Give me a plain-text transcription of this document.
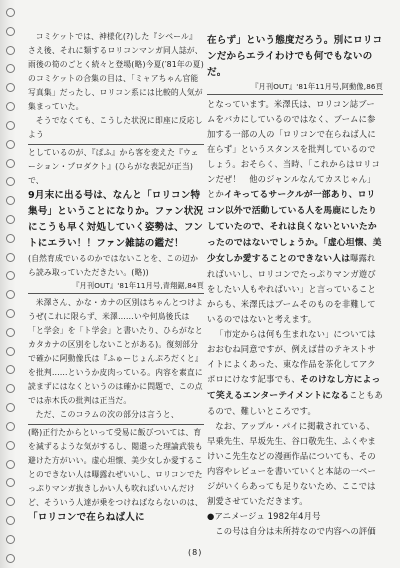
コミケットでは、神様化(?)した『シベール』さえ後、それに類するロリコンマンガ同人誌が、雨後の筍のごとく続々と登場(略)今夏(′81年の夏)のコミケットの合集の目は、「ミャアちゃん官能写真集」だったし、ロリコン系には比較的人気が集まっていた。

そうでなくても、こうした状況に即座に反応しよう

としているのが、『ぱふ』から客を変えた『ウェーション・プロダクト』(ひらがな表記が正当)で、

9月末に出る号は、なんと「ロリコン特集号」ということになりか。ファン状況にこうも早く対処していく姿勢は、フントにエラい！！ファン雑誌の鑑だ！

(自然育成でいるのかではないことを、この辺から読み取っていただきたい。(略))

『月刊OUT』'81年11月号,青翔鋸,84頁

米澤さん、かな・カナの区別はちゃんとつけようぜ(これに限らず、米澤……いや何鳥後氏は「と学会」を「ト学会」と書いたり、ひらがなとカタカナの区別をしないことがある)。復刻部分で確かに阿動像氏は『ふゅーじょんぷろだくと』を批判……というか皮肉っている。内容を素直に読まずにはなくというのは確かに問題で、この点では赤木氏の批判は正当だ。

ただ、このコラムの次の部分は言うと、

(略)正行たからといって受易に飯びついては、育を減ずるような気がするし、閲還った理論武装も避けた方がいい。虚心坦懐、美少女しか愛することのできない人は曝露れぜいいし、ロリコンでたっぷりマンガ抜きしかい人も吹ればいいんだけど、そういう人達が乗をつけねばならないのは、

「ロリコンで在らねば人に

在らず」という態度だろう。別にロリコンだからエライわけでも何でもないのだ。

『月刊OUT』'81年11月号,阿動像,86頁

となっています。米澤氏は、ロリコン誌ブームをバカにしているのではなく、ブームに参加する一部の人の「ロリコンで在らねば人に在らず」というスタンスを批判しているのでしょう。おそらく、当時、「これからはロリコンだぜ！　他のジャンルなんてカスじゃん」とかイキってるサークルが一部あり、ロリコン以外で活動している人を馬鹿にしたりしていたので、それは良くないといいたかったのではないでしょうか。「虚心坦懐、美少女しか愛することのできない人は曝露れればいいし、ロリコンでたっぷりマンガ遊びをしたい人もやればいい」と言っていることからも、米澤氏はブームそのものを非難しているのではないと考えます。

「市定からは何も生まれない」についてはおおむね同意ですが、例えば昔のテキストサイトによくあった、東な作品を茶化してアクポロにけなす記事でも、そのけなし方によって笑えるエンターテイメントになることもあるので、難しいところです。

なお、アップル・パイに掲載されている、早乗先生、早坂先生、谷口敬先生、ふくやまけいこ先生などの漫画作品についても、その内容やレビューを書いていくと本誌の一ページがいくらあっても足りないため、ここでは割愛させていただきます。

●アニメージュ 1982年4月号

この号は自分は未所持なので内容への評価

(8)
